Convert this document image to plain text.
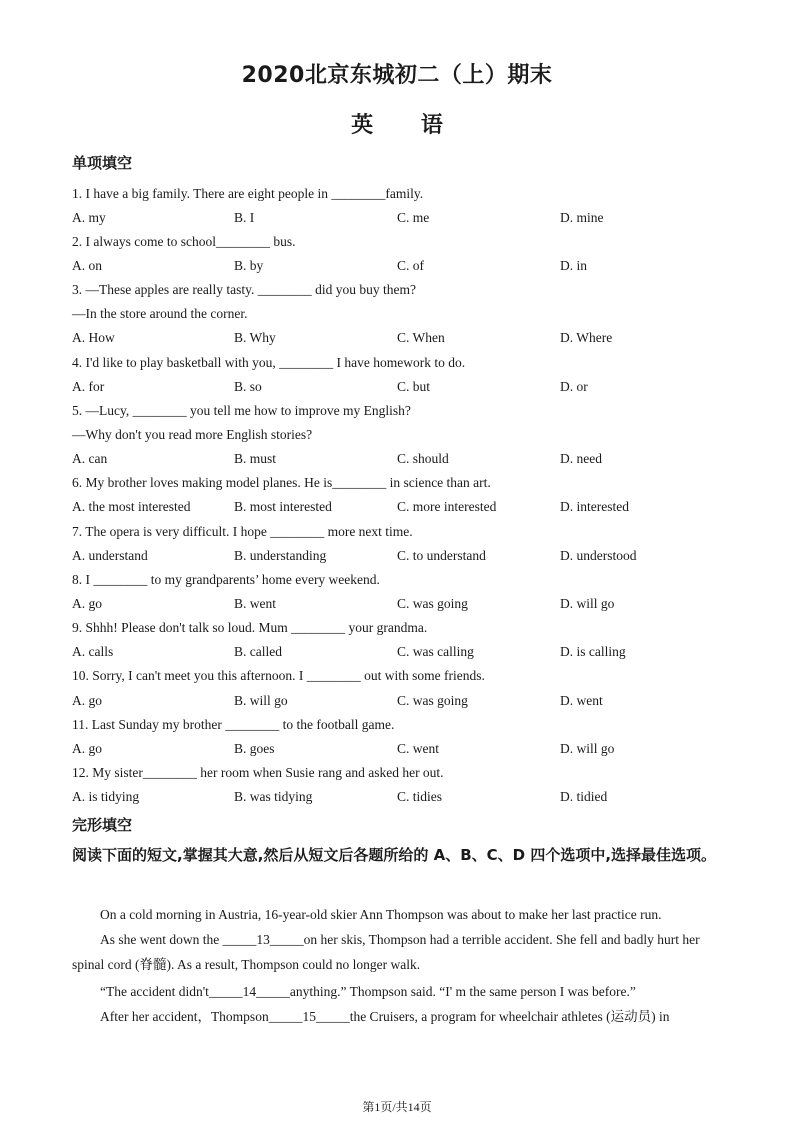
2020北京东城初二（上）期末
英 语
单项填空
1. I have a big family. There are eight people in ________family.
A. my	B. I	C. me	D. mine
2. I always come to school________ bus.
A. on	B. by	C. of	D. in
3. —These apples are really tasty. ________ did you buy them?
—In the store around the corner.
A. How	B. Why	C. When	D. Where
4. I'd like to play basketball with you, ________ I have homework to do.
A. for	B. so	C. but	D. or
5. —Lucy, ________ you tell me how to improve my English?
—Why don't you read more English stories?
A. can	B. must	C. should	D. need
6. My brother loves making model planes. He is________ in science than art.
A. the most interested	B. most interested	C. more interested	D. interested
7. The opera is very difficult. I hope ________ more next time.
A. understand	B. understanding	C. to understand	D. understood
8. I ________ to my grandparents’ home every weekend.
A. go	B. went	C. was going	D. will go
9. Shhh! Please don't talk so loud. Mum ________ your grandma.
A. calls	B. called	C. was calling	D. is calling
10. Sorry, I can't meet you this afternoon. I ________ out with some friends.
A. go	B. will go	C. was going	D. went
11. Last Sunday my brother ________ to the football game.
A. go	B. goes	C. went	D. will go
12. My sister________ her room when Susie rang and asked her out.
A. is tidying	B. was tidying	C. tidies	D. tidied
完形填空
阅读下面的短文,掌握其大意,然后从短文后各题所给的 A、B、C、D 四个选项中,选择最佳选项。
On a cold morning in Austria, 16-year-old skier Ann Thompson was about to make her last practice run.
As she went down the _____13_____on her skis, Thompson had a terrible accident. She fell and badly hurt her spinal cord (脊髓). As a result, Thompson could no longer walk.
“The accident didn't_____14_____anything.” Thompson said. “I' m the same person I was before.”
After her accident，Thompson_____15_____the Cruisers, a program for wheelchair athletes (运动员) in
第1页/共14页
